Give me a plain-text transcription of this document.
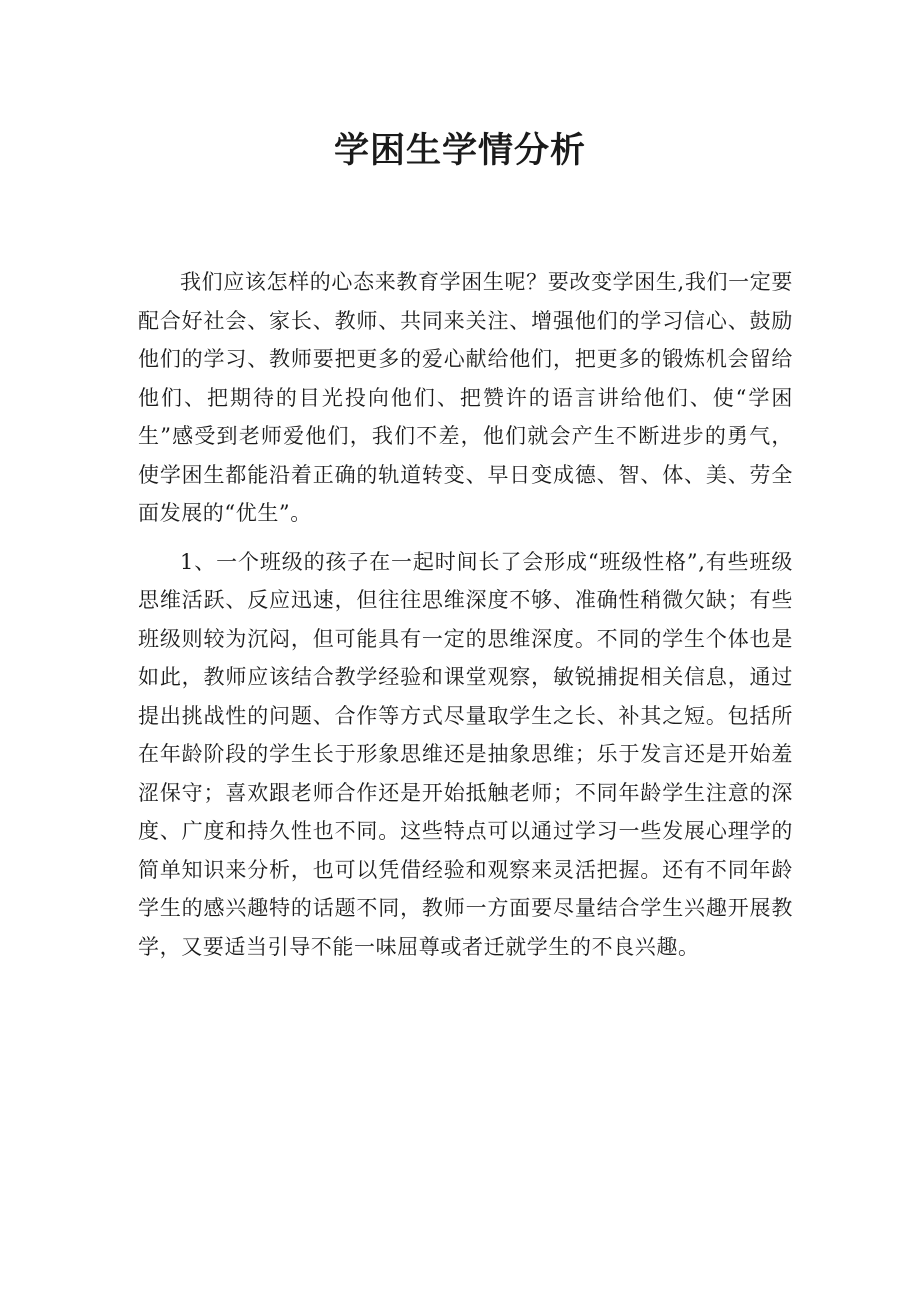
学困生学情分析

我们应该怎样的心态来教育学困生呢？要改变学困生,我们一定要配合好社会、家长、教师、共同来关注、增强他们的学习信心、鼓励他们的学习、教师要把更多的爱心献给他们，把更多的锻炼机会留给他们、把期待的目光投向他们、把赞许的语言讲给他们、使“学困生”感受到老师爱他们，我们不差，他们就会产生不断进步的勇气，使学困生都能沿着正确的轨道转变、早日变成德、智、体、美、劳全面发展的“优生”。

1、一个班级的孩子在一起时间长了会形成“班级性格”,有些班级思维活跃、反应迅速，但往往思维深度不够、准确性稍微欠缺；有些班级则较为沉闷，但可能具有一定的思维深度。不同的学生个体也是如此，教师应该结合教学经验和课堂观察，敏锐捕捉相关信息，通过提出挑战性的问题、合作等方式尽量取学生之长、补其之短。包括所在年龄阶段的学生长于形象思维还是抽象思维；乐于发言还是开始羞涩保守；喜欢跟老师合作还是开始抵触老师；不同年龄学生注意的深度、广度和持久性也不同。这些特点可以通过学习一些发展心理学的简单知识来分析，也可以凭借经验和观察来灵活把握。还有不同年龄学生的感兴趣特的话题不同，教师一方面要尽量结合学生兴趣开展教学，又要适当引导不能一味屈尊或者迁就学生的不良兴趣。
